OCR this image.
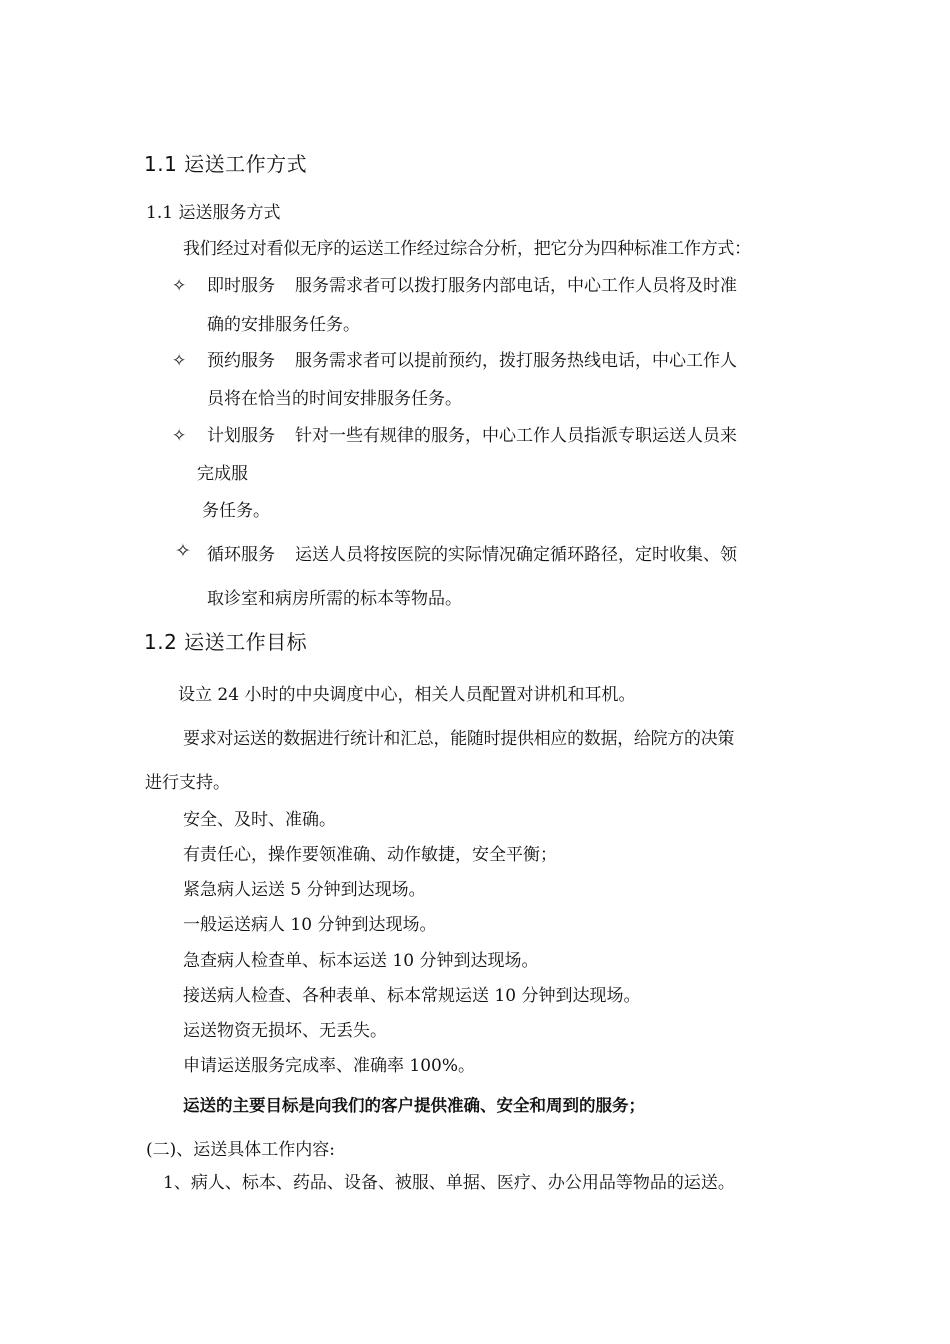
1.1 运送工作方式
1.1 运送服务方式
我们经过对看似无序的运送工作经过综合分析，把它分为四种标准工作方式：
✧ 即时服务 服务需求者可以拨打服务内部电话，中心工作人员将及时准
确的安排服务任务。
✧ 预约服务 服务需求者可以提前预约，拨打服务热线电话，中心工作人
员将在恰当的时间安排服务任务。
✧ 计划服务 针对一些有规律的服务，中心工作人员指派专职运送人员来
完成服
务任务。
✧ 循环服务 运送人员将按医院的实际情况确定循环路径，定时收集、领
取诊室和病房所需的标本等物品。
1.2 运送工作目标
设立 24 小时的中央调度中心，相关人员配置对讲机和耳机。
要求对运送的数据进行统计和汇总，能随时提供相应的数据，给院方的决策
进行支持。
安全、及时、准确。
有责任心，操作要领准确、动作敏捷，安全平衡；
紧急病人运送 5 分钟到达现场。
一般运送病人 10 分钟到达现场。
急查病人检查单、标本运送 10 分钟到达现场。
接送病人检查、各种表单、标本常规运送 10 分钟到达现场。
运送物资无损坏、无丢失。
申请运送服务完成率、准确率 100%。
运送的主要目标是向我们的客户提供准确、安全和周到的服务；
(二)、运送具体工作内容:
1、病人、标本、药品、设备、被服、单据、医疗、办公用品等物品的运送。
